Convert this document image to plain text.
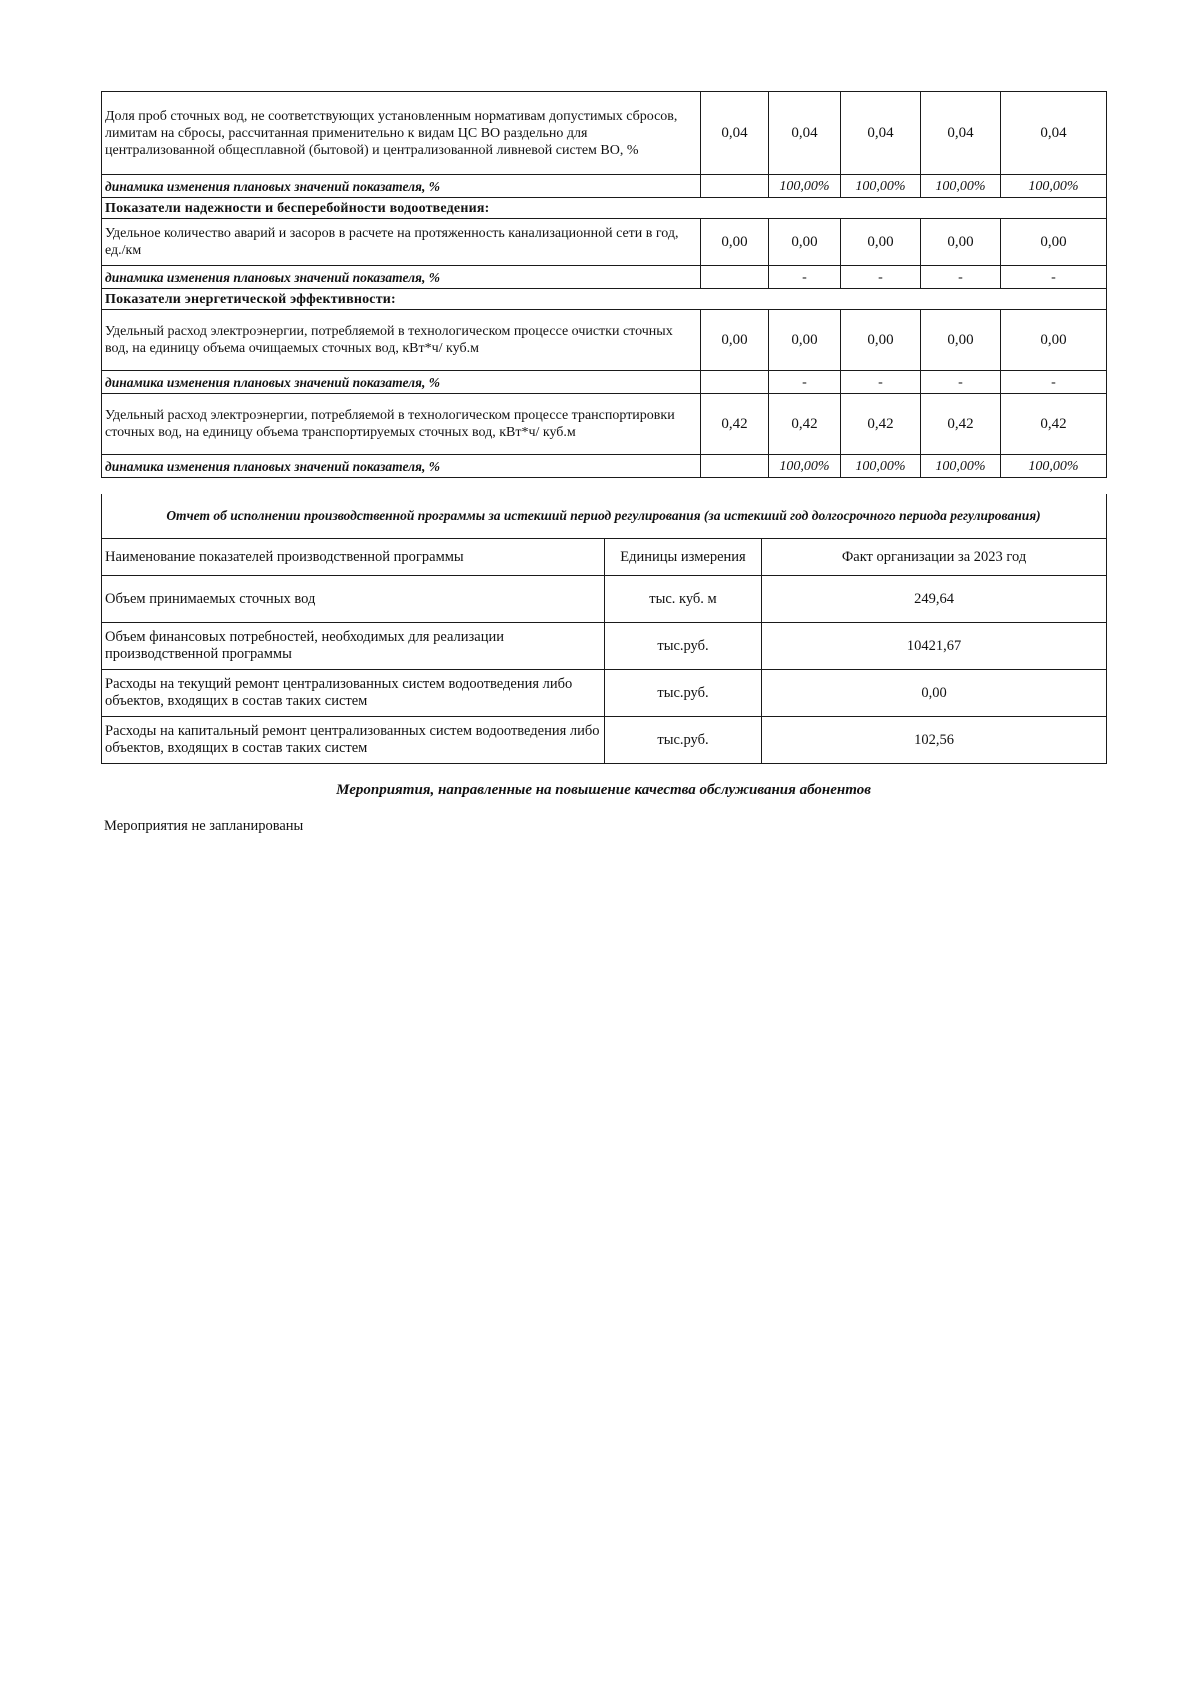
Доля проб сточных вод, не соответствующих установленным нормативам допустимых сбросов, лимитам на сбросы, рассчитанная применительно к видам ЦС ВО раздельно для централизованной общесплавной (бытовой) и централизованной ливневой систем ВО, %	0,04	0,04	0,04	0,04	0,04
динамика изменения плановых значений показателя, %		100,00%	100,00%	100,00%	100,00%
Показатели надежности и бесперебойности водоотведения:					
Удельное количество аварий и засоров в расчете на протяженность канализационной сети в год, ед./км	0,00	0,00	0,00	0,00	0,00
динамика изменения плановых значений показателя, %		-	-	-	-
Показатели энергетической эффективности:					
Удельный расход электроэнергии, потребляемой в технологическом процессе очистки сточных вод, на единицу объема очищаемых сточных вод, кВт*ч/ куб.м	0,00	0,00	0,00	0,00	0,00
динамика изменения плановых значений показателя, %		-	-	-	-
Удельный расход электроэнергии, потребляемой в технологическом процессе транспортировки сточных вод, на единицу объема транспортируемых сточных вод, кВт*ч/ куб.м	0,42	0,42	0,42	0,42	0,42
динамика изменения плановых значений показателя, %		100,00%	100,00%	100,00%	100,00%

Наименование показателей производственной программы	Единицы измерения	Факт организации за 2023 год
Объем принимаемых сточных вод	тыс. куб. м	249,64
Объем финансовых потребностей, необходимых для реализации производственной программы	тыс.руб.	10421,67
Расходы на текущий ремонт централизованных систем водоотведения либо объектов, входящих в состав таких систем	тыс.руб.	0,00
Расходы на капитальный ремонт централизованных систем водоотведения либо объектов, входящих в состав таких систем	тыс.руб.	102,56
Отчет об исполнении производственной программы за истекший период регулирования (за истекший год долгосрочного периода регулирования)
Мероприятия, направленные на повышение качества обслуживания абонентов
Мероприятия не запланированы
